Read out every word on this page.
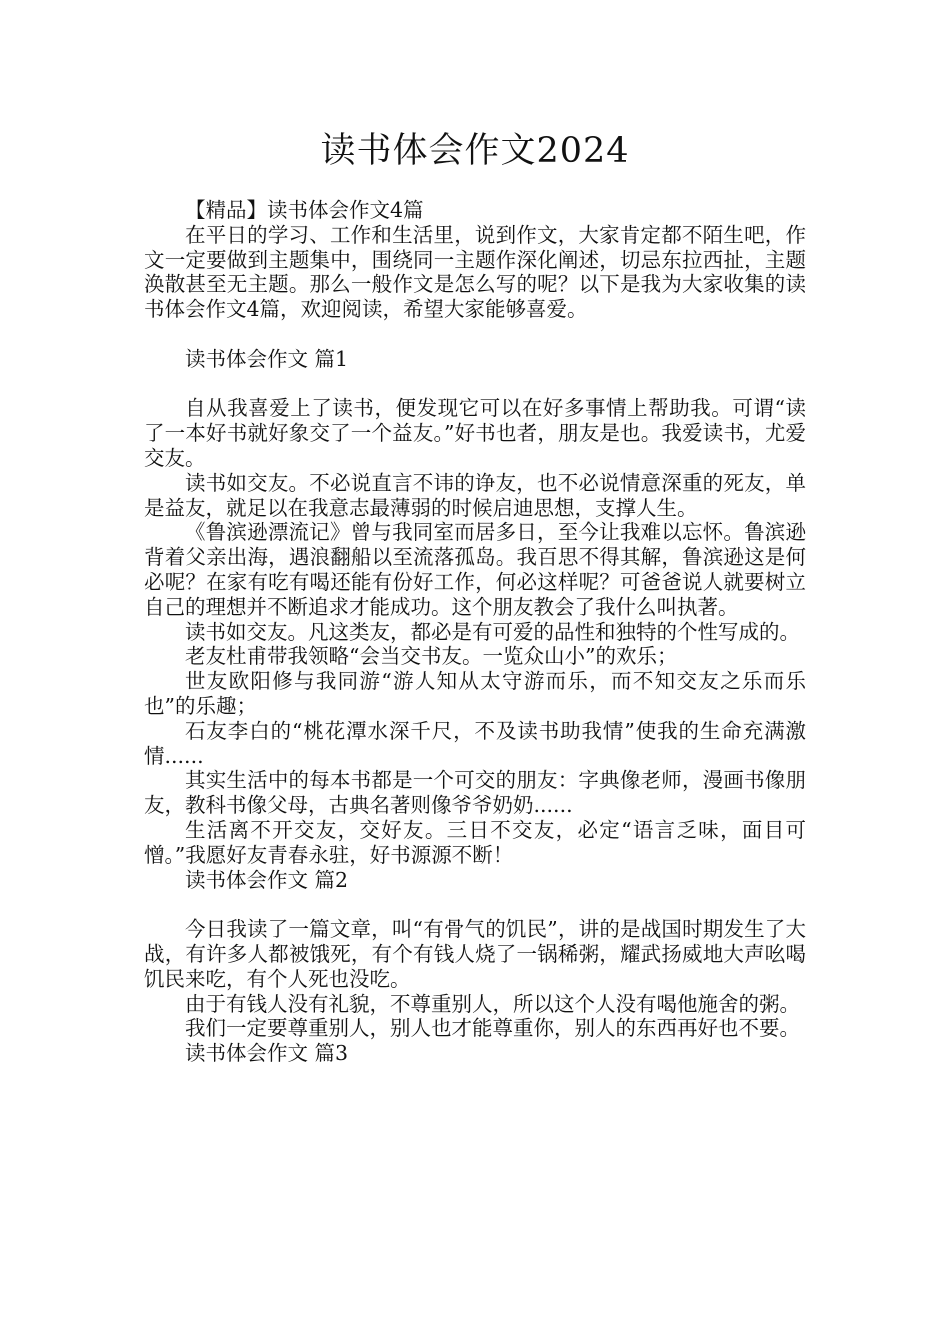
读书体会作文2024

【精品】读书体会作文4篇

在平日的学习、工作和生活里，说到作文，大家肯定都不陌生吧，作文一定要做到主题集中，围绕同一主题作深化阐述，切忌东拉西扯，主题涣散甚至无主题。那么一般作文是怎么写的呢？以下是我为大家收集的读书体会作文4篇，欢迎阅读，希望大家能够喜爱。

读书体会作文 篇1

自从我喜爱上了读书，便发现它可以在好多事情上帮助我。可谓“读了一本好书就好象交了一个益友。”好书也者，朋友是也。我爱读书，尤爱交友。

读书如交友。不必说直言不讳的诤友，也不必说情意深重的死友，单是益友，就足以在我意志最薄弱的时候启迪思想，支撑人生。

《鲁滨逊漂流记》曾与我同室而居多日，至今让我难以忘怀。鲁滨逊背着父亲出海，遇浪翻船以至流落孤岛。我百思不得其解，鲁滨逊这是何必呢？在家有吃有喝还能有份好工作，何必这样呢？可爸爸说人就要树立自己的理想并不断追求才能成功。这个朋友教会了我什么叫执著。

读书如交友。凡这类友，都必是有可爱的品性和独特的个性写成的。

老友杜甫带我领略“会当交书友。一览众山小”的欢乐；

世友欧阳修与我同游“游人知从太守游而乐，而不知交友之乐而乐也”的乐趣；

石友李白的“桃花潭水深千尺，不及读书助我情”使我的生命充满激情......

其实生活中的每本书都是一个可交的朋友：字典像老师，漫画书像朋友，教科书像父母，古典名著则像爷爷奶奶......

生活离不开交友，交好友。三日不交友，必定“语言乏味，面目可憎。”我愿好友青春永驻，好书源源不断！

读书体会作文 篇2

今日我读了一篇文章，叫“有骨气的饥民”，讲的是战国时期发生了大战，有许多人都被饿死，有个有钱人烧了一锅稀粥，耀武扬威地大声吆喝饥民来吃，有个人死也没吃。

由于有钱人没有礼貌，不尊重别人，所以这个人没有喝他施舍的粥。

我们一定要尊重别人，别人也才能尊重你，别人的东西再好也不要。

读书体会作文 篇3
